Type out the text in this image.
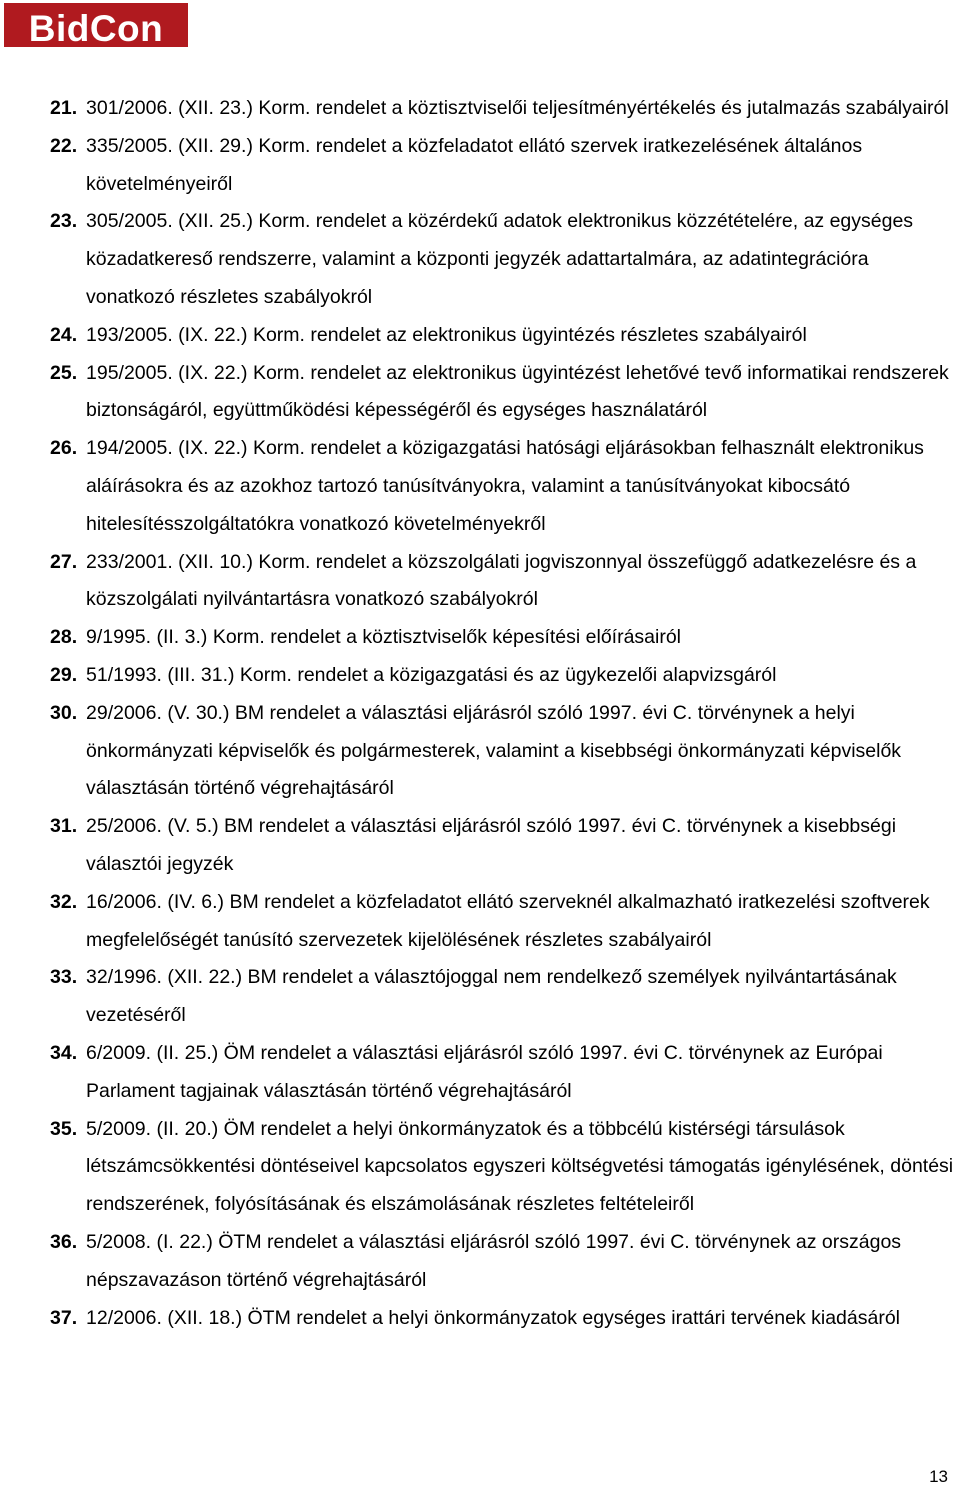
BidCon
21. 301/2006. (XII. 23.) Korm. rendelet a köztisztviselői teljesítményértékelés és jutalmazás szabályairól
22. 335/2005. (XII. 29.) Korm. rendelet a közfeladatot ellátó szervek iratkezelésének általános követelményeiről
23. 305/2005. (XII. 25.) Korm. rendelet a közérdekű adatok elektronikus közzétételére, az egységes közadatkereső rendszerre, valamint a központi jegyzék adattartalmára, az adatintegrációra vonatkozó részletes szabályokról
24. 193/2005. (IX. 22.) Korm. rendelet az elektronikus ügyintézés részletes szabályairól
25. 195/2005. (IX. 22.) Korm. rendelet az elektronikus ügyintézést lehetővé tevő informatikai rendszerek biztonságáról, együttműködési képességéről és egységes használatáról
26. 194/2005. (IX. 22.) Korm. rendelet a közigazgatási hatósági eljárásokban felhasznált elektronikus aláírásokra és az azokhoz tartozó tanúsítványokra, valamint a tanúsítványokat kibocsátó hitelesítésszolgáltatókra vonatkozó követelményekről
27. 233/2001. (XII. 10.) Korm. rendelet a közszolgálati jogviszonnyal összefüggő adatkezelésre és a közszolgálati nyilvántartásra vonatkozó szabályokról
28. 9/1995. (II. 3.) Korm. rendelet a köztisztviselők képesítési előírásairól
29. 51/1993. (III. 31.) Korm. rendelet a közigazgatási és az ügykezelői alapvizsgáról
30. 29/2006. (V. 30.) BM rendelet a választási eljárásról szóló 1997. évi C. törvénynek a helyi önkormányzati képviselők és polgármesterek, valamint a kisebbségi önkormányzati képviselők választásán történő végrehajtásáról
31. 25/2006. (V. 5.) BM rendelet a választási eljárásról szóló 1997. évi C. törvénynek a kisebbségi választói jegyzék
32. 16/2006. (IV. 6.) BM rendelet a közfeladatot ellátó szerveknél alkalmazható iratkezelési szoftverek megfelelőségét tanúsító szervezetek kijelölésének részletes szabályairól
33. 32/1996. (XII. 22.) BM rendelet a választójoggal nem rendelkező személyek nyilvántartásának vezetéséről
34. 6/2009. (II. 25.) ÖM rendelet a választási eljárásról szóló 1997. évi C. törvénynek az Európai Parlament tagjainak választásán történő végrehajtásáról
35. 5/2009. (II. 20.) ÖM rendelet a helyi önkormányzatok és a többcélú kistérségi társulások létszámcsökkentési döntéseivel kapcsolatos egyszeri költségvetési támogatás igénylésének, döntési rendszerének, folyósításának és elszámolásának részletes feltételeiről
36. 5/2008. (I. 22.) ÖTM rendelet a választási eljárásról szóló 1997. évi C. törvénynek az országos népszavazáson történő végrehajtásáról
37. 12/2006. (XII. 18.) ÖTM rendelet a helyi önkormányzatok egységes irattári tervének kiadásáról
13
